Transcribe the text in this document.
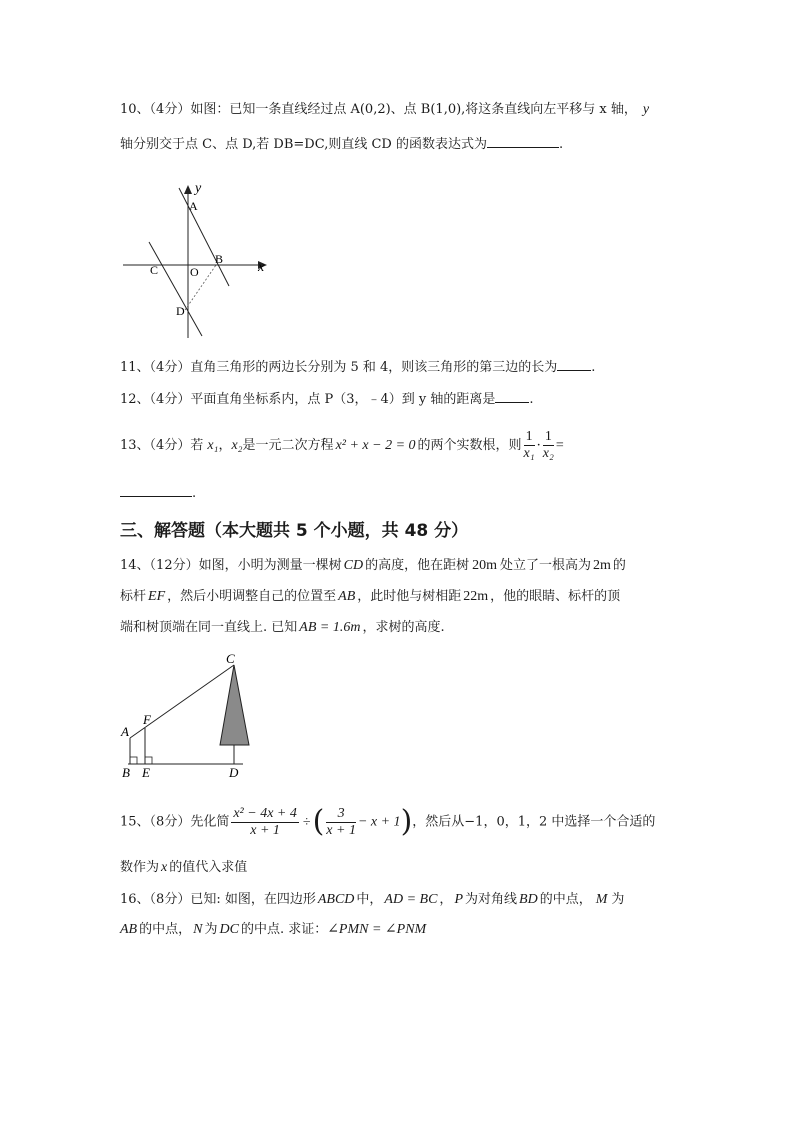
10、（4分）如图：已知一条直线经过点 A(0,2)、点 B(1,0),将这条直线向左平移与 x 轴， y
轴分别交于点 C、点 D,若 DB=DC,则直线 CD 的函数表达式为	.
y
A
B
x
C	O
D
11、（4分）直角三角形的两边长分别为 5 和 4，则该三角形的第三边的长为	.
12、（4分）平面直角坐标系内，点 P（3，﹣4）到 y 轴的距离是	.
13、（4分）若 x₁，x₂是一元二次方程 x² + x − 2 = 0 的两个实数根，则 $\frac{1}{\text{x₁}} \cdot \frac{1}{\text{x₂}}$ =
.
三、解答题（本大题共 5 个小题，共 48 分）
14、（12分）如图，小明为测量一棵树 CD 的高度，他在距树 20m 处立了一根高为 2m 的
标杆 EF ，然后小明调整自己的位置至 AB ，此时他与树相距 22m ，他的眼睛、标杆的顶
端和树顶端在同一直线上. 已知 AB = 1.6m ，求树的高度.
C
F
A
B E	D
15、（8分）先化简 $\frac{\text{x² − 4x + 4}}{x + 1}$ ÷( $\frac{3}{x + 1} - x + 1$)，然后从−1，0，1，2 中选择一个合适的
数作为 x 的值代入求值
16、（8分）已知: 如图，在四边形 ABCD 中， AD = BC ， P 为对角线 BD 的中点， M 为
AB 的中点， N 为 DC 的中点. 求证：∠PMN = ∠PNM
